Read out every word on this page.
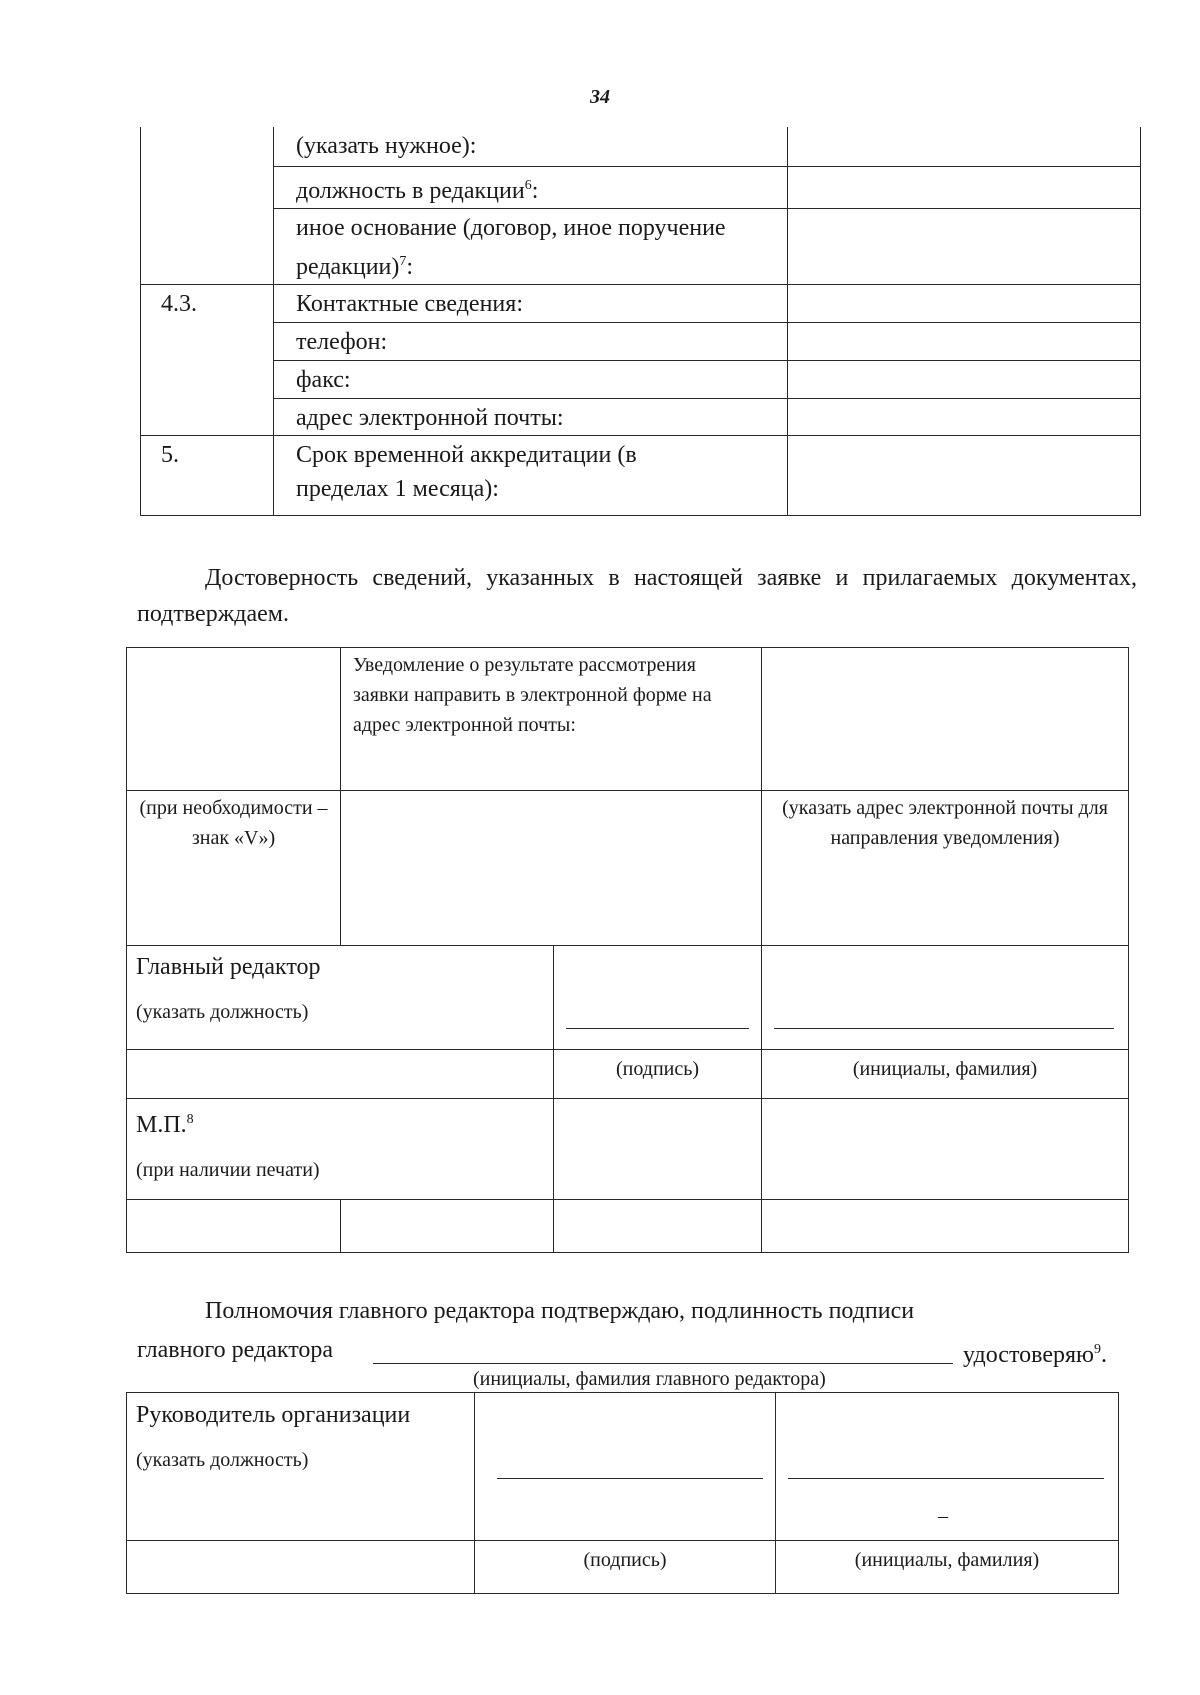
34
	(указать нужное):	
	должность в редакции$^6$:	
	иное основание (договор, иное поручение редакции)$^7$:	
4.3.	Контактные сведения:	
	телефон:	
	факс:	
	адрес электронной почты:	
5.	Срок временной аккредитации (в пределах 1 месяца):	
Достоверность сведений, указанных в настоящей заявке и прилагаемых документах, подтверждаем.
	Уведомление о результате рассмотрения заявки направить в электронной форме на адрес электронной почты:		
(при необходимости – знак «V»)			(указать адрес электронной почты для направления уведомления)

Главный редактор
(указать должность)			

		(подпись)	(инициалы, фамилия)

М.П.$^8$
(при наличии печати)			

Полномочия главного редактора подтверждаю, подлинность подписи
главного редактора	удостоверяю$^9$.
(инициалы, фамилия главного редактора)
Руководитель организации
(указать должность)		–

	(подпись)	(инициалы, фамилия)
